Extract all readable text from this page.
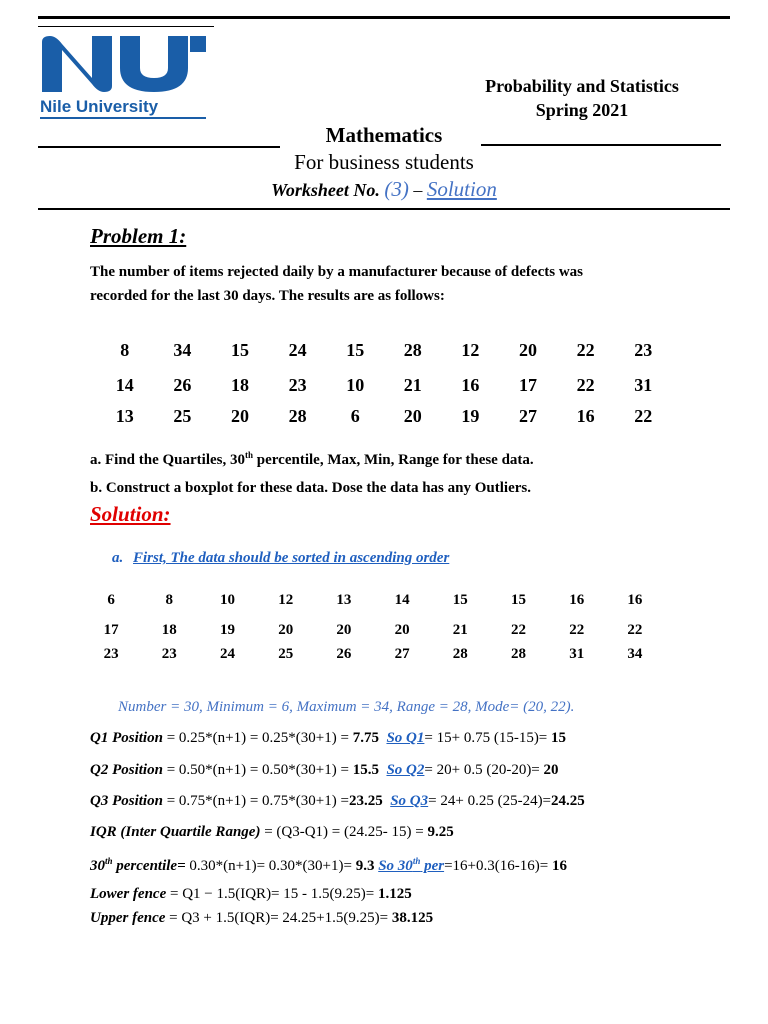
Nile University
Probability and Statistics
Spring 2021
Mathematics
For business students
Worksheet No. (3) – Solution
Problem 1:
The number of items rejected daily by a manufacturer because of defects was
recorded for the last 30 days. The results are as follows:
8	34	15	24	15	28	12	20	22	23
14	26	18	23	10	21	16	17	22	31
13	25	20	28	6	20	19	27	16	22
a. Find the Quartiles, 30th percentile, Max, Min, Range for these data.
b. Construct a boxplot for these data. Dose the data has any Outliers.
Solution:
a. First, The data should be sorted in ascending order
6	8	10	12	13	14	15	15	16	16
17	18	19	20	20	20	21	22	22	22
23	23	24	25	26	27	28	28	31	34
Number = 30, Minimum = 6, Maximum = 34, Range = 28, Mode= (20, 22).
Q1 Position = 0.25*(n+1) = 0.25*(30+1) = 7.75 So Q1= 15+ 0.75 (15-15)= 15
Q2 Position = 0.50*(n+1) = 0.50*(30+1) = 15.5 So Q2= 20+ 0.5 (20-20)= 20
Q3 Position = 0.75*(n+1) = 0.75*(30+1) =23.25 So Q3= 24+ 0.25 (25-24)=24.25
IQR (Inter Quartile Range) = (Q3-Q1) = (24.25- 15) = 9.25
30th percentile= 0.30*(n+1)= 0.30*(30+1)= 9.3 So 30th per=16+0.3(16-16)= 16
Lower fence = Q1 − 1.5(IQR)= 15 - 1.5(9.25)= 1.125
Upper fence = Q3 + 1.5(IQR)= 24.25+1.5(9.25)= 38.125
